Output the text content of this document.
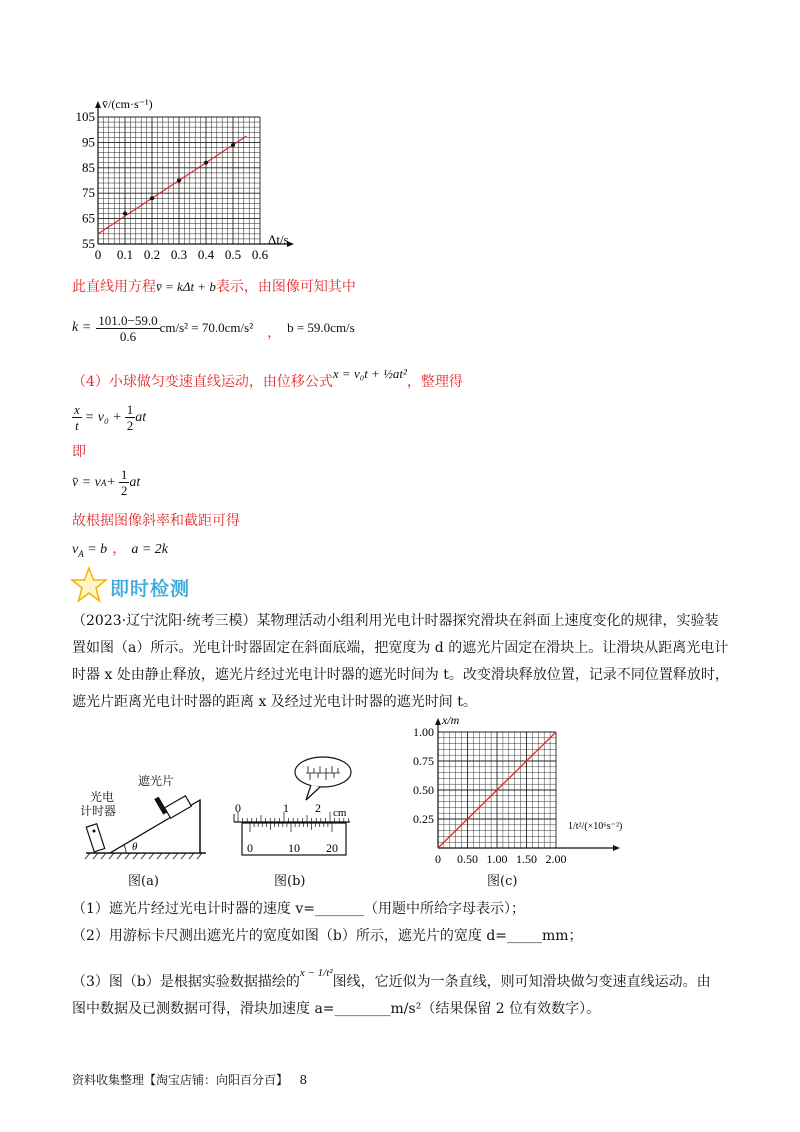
105
95
85
75
65
55
0 0.1 0.2 0.3 0.4 0.5 0.6
v̄/(cm·s⁻¹)
Δt/s
此直线用方程v̄ = kΔt + b表示，由图像可知其中
k =
$\frac{101.0-59.0}{0.6} cm/s^2 = 70.0cm/s^2$ ， b = 59.0cm/s
（4）小球做匀变速直线运动，由位移公式x = v₀t + ½at²，整理得
$\frac{x}{t} = v_0 + \frac{1}{2}$ at
即
v̄ = v $A + \frac{1}{2}$ at
故根据图像斜率和截距可得
$v_A = b$ ， a = 2k
即时检测
（2023·辽宁沈阳·统考三模）某物理活动小组利用光电计时器探究滑块在斜面上速度变化的规律，实验装置如图（a）所示。光电计时器固定在斜面底端，把宽度为 d 的遮光片固定在滑块上。让滑块从距离光电计时器 x 处由静止释放，遮光片经过光电计时器的遮光时间为 t。改变滑块释放位置，记录不同位置释放时，遮光片距离光电计时器的距离 x 及经过光电计时器的遮光时间 t。
θ
光电
计时器
遮光片
图(a)
0	1 2 cm
0	10 20
图(b)
1.00
0.75
0.50
0.25
0 0.50 1.00 1.50 2.00
x/m
1/t²/(×10⁶s⁻²)
图(c)
（1）遮光片经过光电计时器的速度 v=_______（用题中所给字母表示）；
（2）用游标卡尺测出遮光片的宽度如图（b）所示，遮光片的宽度 d=_____mm；
（3）图（b）是根据实验数据描绘的$^{x - 1/t^2}$图线，它近似为一条直线，则可知滑块做匀变速直线运动。由
图中数据及已测数据可得，滑块加速度 a=________m/s²（结果保留 2 位有效数字）。
资料收集整理【淘宝店铺：向阳百分百】 8
